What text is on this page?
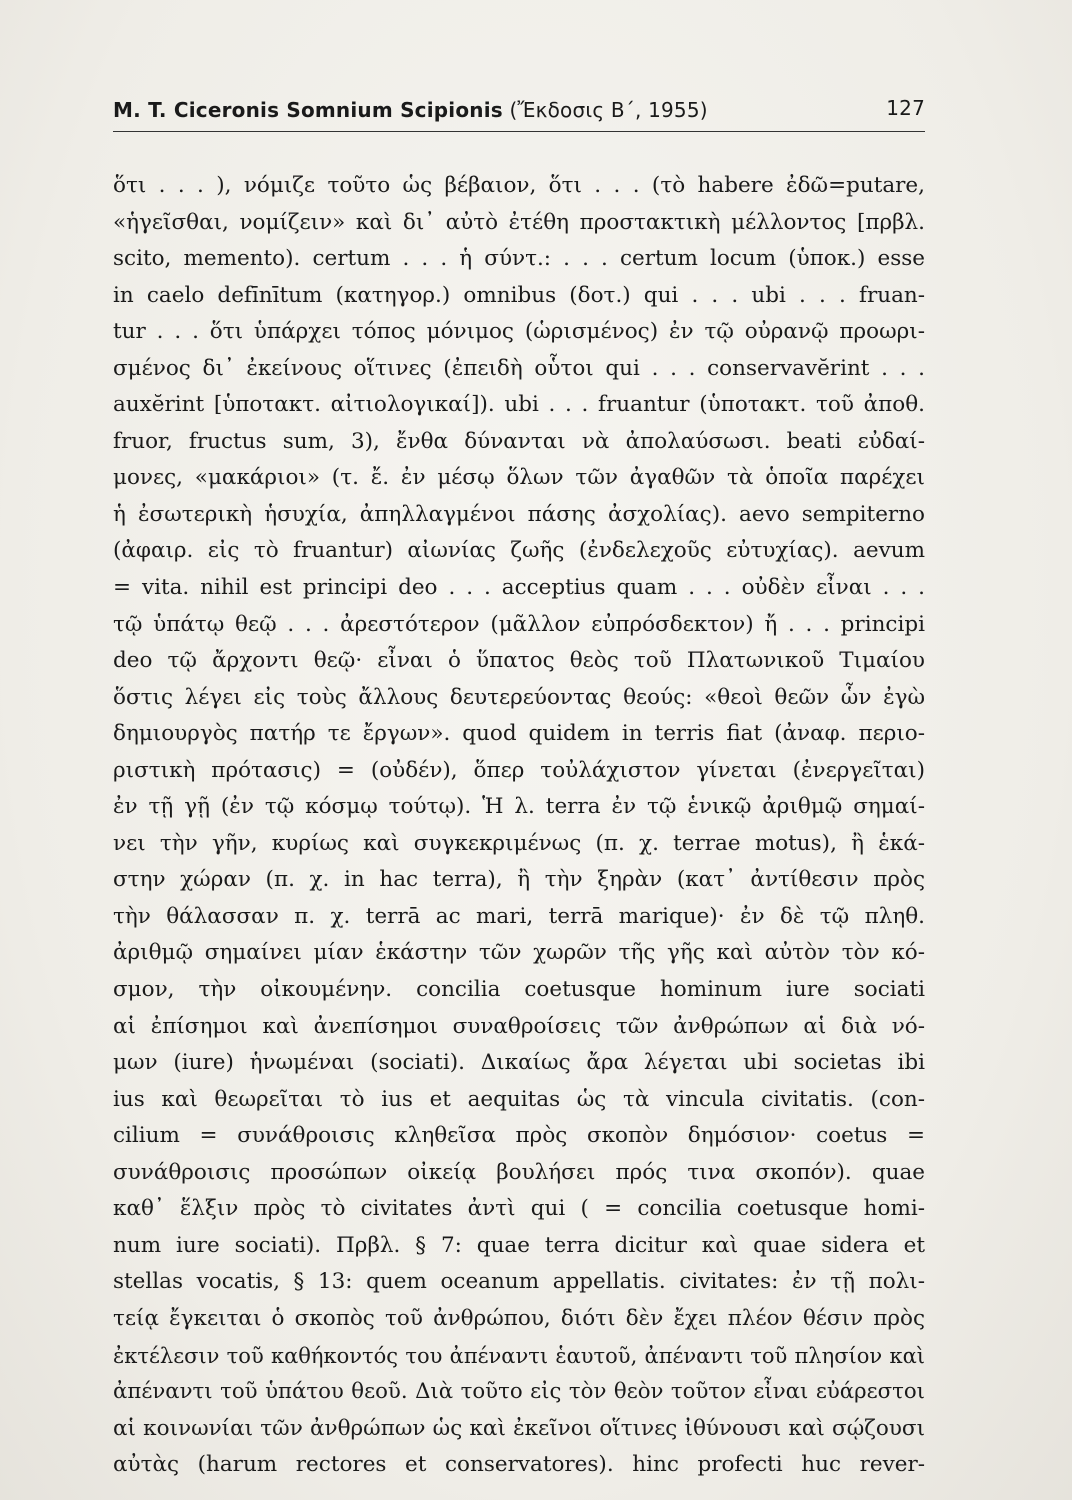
M. T. Ciceronis Somnium Scipionis (Ἔκδοσις Β΄, 1955)	127
ὅτι . . . ), νόμιζε τοῦτο ὡς βέβαιον, ὅτι . . . (τὸ habere ἐδῶ=putare,
«ἡγεῖσθαι, νομίζειν» καὶ δι᾿ αὐτὸ ἐτέθη προστακτικὴ μέλλοντος [πρβλ.
scito, memento). certum . . . ἡ σύντ.: . . . certum locum (ὑποκ.) esse
in caelo defīnītum (κατηγορ.) omnibus (δοτ.) qui . . . ubi . . . fruan-
tur . . . ὅτι ὑπάρχει τόπος μόνιμος (ὡρισμένος) ἐν τῷ οὐρανῷ προωρι-
σμένος δι᾿ ἐκείνους οἵτινες (ἐπειδὴ οὗτοι qui . . . conservavĕrint . . .
auxĕrint [ὑποτακτ. αἰτιολογικαί]). ubi . . . fruantur (ὑποτακτ. τοῦ ἀποθ.
fruor, fructus sum, 3), ἔνθα δύνανται νὰ ἀπολαύσωσι. beati εὐδαί-
μονες, «μακάριοι» (τ. ἔ. ἐν μέσῳ ὅλων τῶν ἀγαθῶν τὰ ὁποῖα παρέχει
ἡ ἐσωτερικὴ ἡσυχία, ἀπηλλαγμένοι πάσης ἀσχολίας). aevo sempiterno
(ἀφαιρ. εἰς τὸ fruantur) αἰωνίας ζωῆς (ἐνδελεχοῦς εὐτυχίας). aevum
= vita. nihil est principi deo . . . acceptius quam . . . οὐδὲν εἶναι . . .
τῷ ὑπάτῳ θεῷ . . . ἀρεστότερον (μᾶλλον εὐπρόσδεκτον) ἤ . . . principi
deo τῷ ἄρχοντι θεῷ· εἶναι ὁ ὕπατος θεὸς τοῦ Πλατωνικοῦ Τιμαίου
ὅστις λέγει εἰς τοὺς ἄλλους δευτερεύοντας θεούς: «θεοὶ θεῶν ὧν ἐγὼ
δημιουργὸς πατήρ τε ἔργων». quod quidem in terris fiat (ἀναφ. περιο-
ριστικὴ πρότασις) = (οὐδέν), ὅπερ τοὐλάχιστον γίνεται (ἐνεργεῖται)
ἐν τῇ γῇ (ἐν τῷ κόσμῳ τούτῳ). Ἡ λ. terra ἐν τῷ ἑνικῷ ἀριθμῷ σημαί-
νει τὴν γῆν, κυρίως καὶ συγκεκριμένως (π. χ. terrae motus), ἢ ἑκά-
στην χώραν (π. χ. in hac terra), ἢ τὴν ξηρὰν (κατ᾿ ἀντίθεσιν πρὸς
τὴν θάλασσαν π. χ. terrā ac mari, terrā marique)· ἐν δὲ τῷ πληθ.
ἀριθμῷ σημαίνει μίαν ἑκάστην τῶν χωρῶν τῆς γῆς καὶ αὐτὸν τὸν κό-
σμον, τὴν οἰκουμένην. concilia coetusque hominum iure sociati
αἱ ἐπίσημοι καὶ ἀνεπίσημοι συναθροίσεις τῶν ἀνθρώπων αἱ διὰ νό-
μων (iure) ἡνωμέναι (sociati). Δικαίως ἄρα λέγεται ubi societas ibi
ius καὶ θεωρεῖται τὸ ius et aequitas ὡς τὰ vincula civitatis. (con-
cilium = συνάθροισις κληθεῖσα πρὸς σκοπὸν δημόσιον· coetus =
συνάθροισις προσώπων οἰκείᾳ βουλήσει πρός τινα σκοπόν). quae
καθ᾿ ἕλξιν πρὸς τὸ civitates ἀντὶ qui ( = concilia coetusque homi-
num iure sociati). Πρβλ. § 7: quae terra dicitur καὶ quae sidera et
stellas vocatis, § 13: quem oceanum appellatis. civitates: ἐν τῇ πολι-
τείᾳ ἔγκειται ὁ σκοπὸς τοῦ ἀνθρώπου, διότι δὲν ἔχει πλέον θέσιν πρὸς
ἐκτέλεσιν τοῦ καθήκοντός του ἀπέναντι ἑαυτοῦ, ἀπέναντι τοῦ πλησίον καὶ
ἀπέναντι τοῦ ὑπάτου θεοῦ. Διὰ τοῦτο εἰς τὸν θεὸν τοῦτον εἶναι εὐάρεστοι
αἱ κοινωνίαι τῶν ἀνθρώπων ὡς καὶ ἐκεῖνοι οἵτινες ἰθύνουσι καὶ σῴζουσι
αὐτὰς (harum rectores et conservatores). hinc profecti huc rever-
